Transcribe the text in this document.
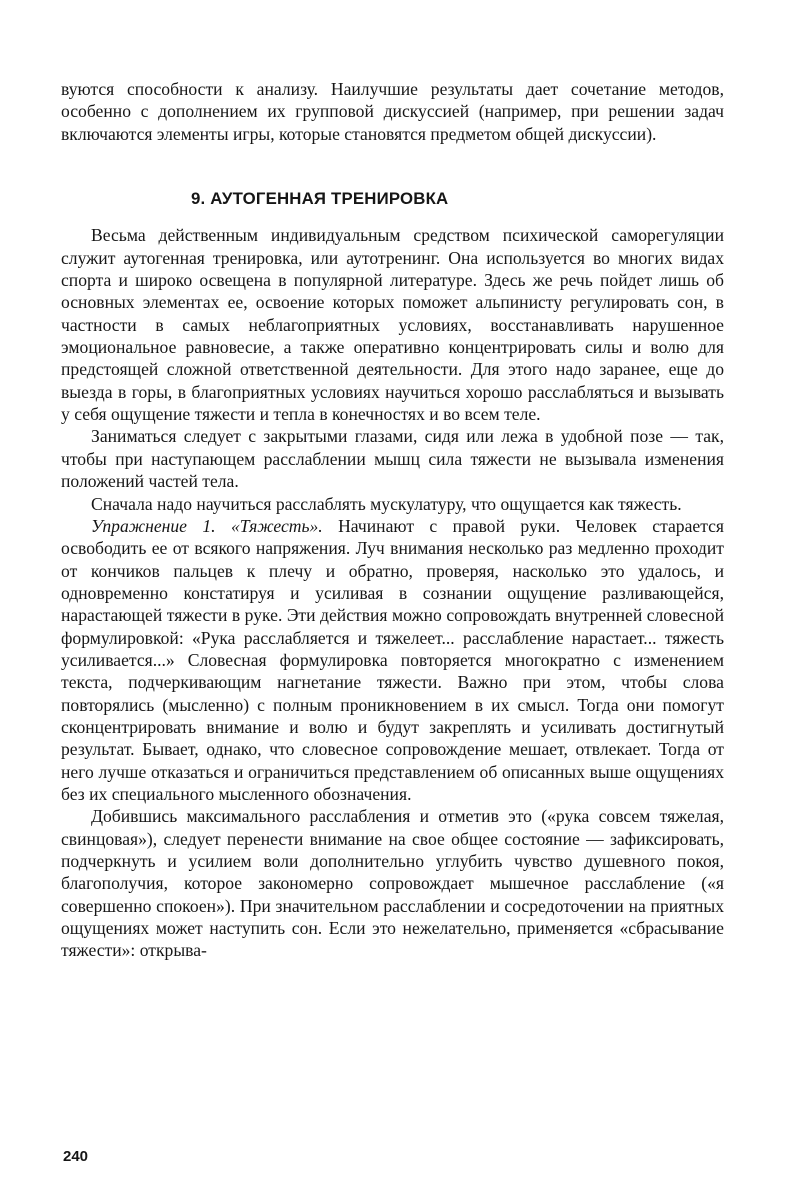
вуются способности к анализу. Наилучшие результаты дает сочетание методов, особенно с дополнением их групповой дискуссией (например, при решении задач включаются элементы игры, которые становятся предметом общей дискуссии).

9. АУТОГЕННАЯ ТРЕНИРОВКА

Весьма действенным индивидуальным средством психической саморегуляции служит аутогенная тренировка, или аутотренинг. Она используется во многих видах спорта и широко освещена в популярной литературе. Здесь же речь пойдет лишь об основных элементах ее, освоение которых поможет альпинисту регулировать сон, в частности в самых неблагоприятных условиях, восстанавливать нарушенное эмоциональное равновесие, а также оперативно концентрировать силы и волю для предстоящей сложной ответственной деятельности. Для этого надо заранее, еще до выезда в горы, в благоприятных условиях научиться хорошо расслабляться и вызывать у себя ощущение тяжести и тепла в конечностях и во всем теле.

Заниматься следует с закрытыми глазами, сидя или лежа в удобной позе — так, чтобы при наступающем расслаблении мышц сила тяжести не вызывала изменения положений частей тела.

Сначала надо научиться расслаблять мускулатуру, что ощущается как тяжесть.

Упражнение 1. «Тяжесть». Начинают с правой руки. Человек старается освободить ее от всякого напряжения. Луч внимания несколько раз медленно проходит от кончиков пальцев к плечу и обратно, проверяя, насколько это удалось, и одновременно констатируя и усиливая в сознании ощущение разливающейся, нарастающей тяжести в руке. Эти действия можно сопровождать внутренней словесной формулировкой: «Рука расслабляется и тяжелеет... расслабление нарастает... тяжесть усиливается...» Словесная формулировка повторяется многократно с изменением текста, подчеркивающим нагнетание тяжести. Важно при этом, чтобы слова повторялись (мысленно) с полным проникновением в их смысл. Тогда они помогут сконцентрировать внимание и волю и будут закреплять и усиливать достигнутый результат. Бывает, однако, что словесное сопровождение мешает, отвлекает. Тогда от него лучше отказаться и ограничиться представлением об описанных выше ощущениях без их специального мысленного обозначения.

Добившись максимального расслабления и отметив это («рука совсем тяжелая, свинцовая»), следует перенести внимание на свое общее состояние — зафиксировать, подчеркнуть и усилием воли дополнительно углубить чувство душевного покоя, благополучия, которое закономерно сопровождает мышечное расслабление («я совершенно спокоен»). При значительном расслаблении и сосредоточении на приятных ощущениях может наступить сон. Если это нежелательно, применяется «сбрасывание тяжести»: открыва-

240
